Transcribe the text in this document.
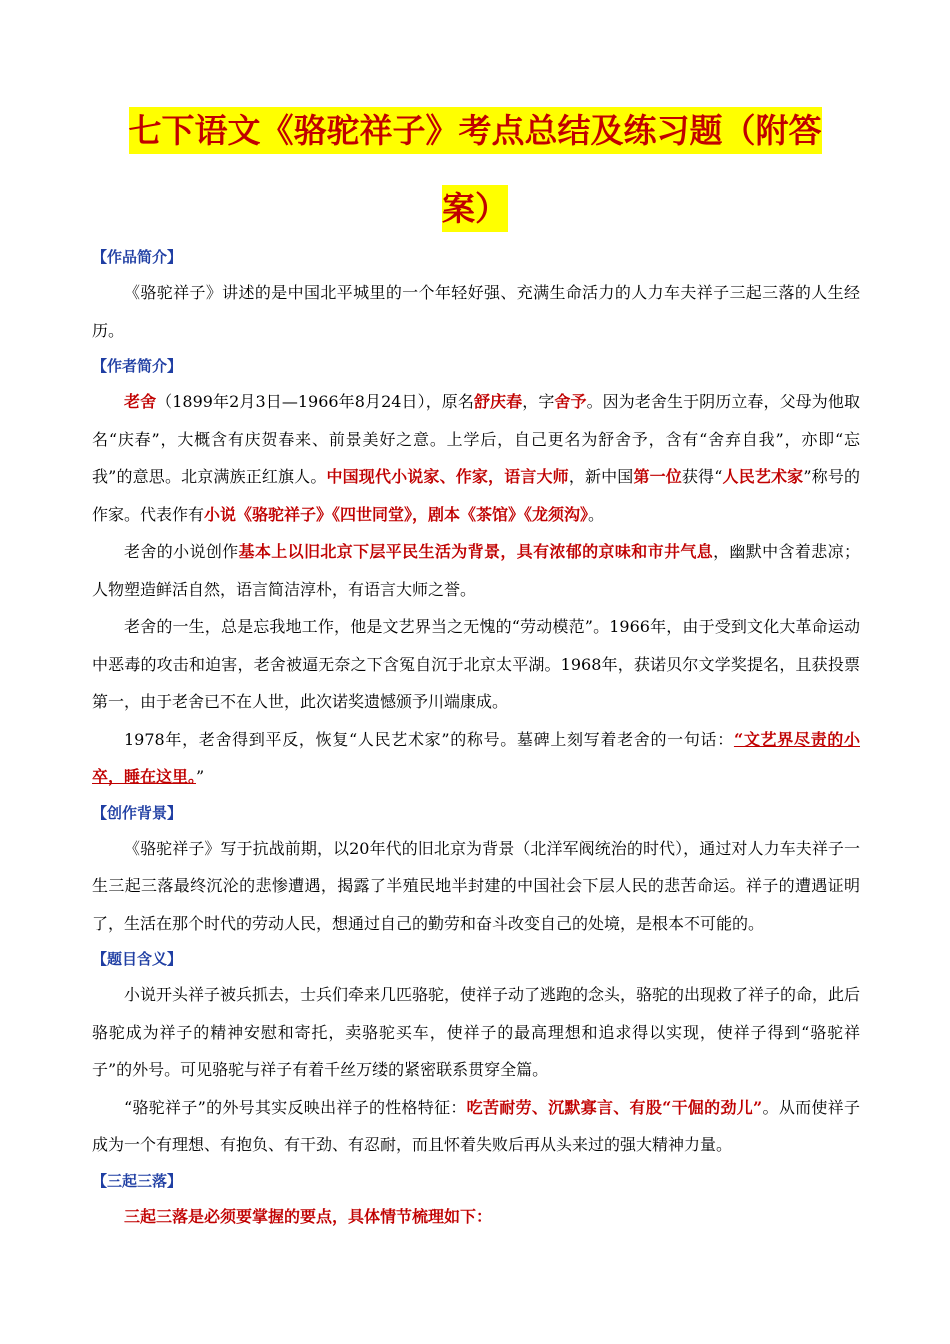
七下语文《骆驼祥子》考点总结及练习题（附答
案）
【作品简介】

《骆驼祥子》讲述的是中国北平城里的一个年轻好强、充满生命活力的人力车夫祥子三起三落的人生经历。

【作者简介】

老舍（1899年2月3日—1966年8月24日），原名舒庆春，字舍予。因为老舍生于阴历立春，父母为他取名“庆春”，大概含有庆贺春来、前景美好之意。上学后，自己更名为舒舍予，含有“舍弃自我”，亦即“忘我”的意思。北京满族正红旗人。中国现代小说家、作家，语言大师，新中国第一位获得“人民艺术家”称号的作家。代表作有小说《骆驼祥子》《四世同堂》，剧本《茶馆》《龙须沟》。

老舍的小说创作基本上以旧北京下层平民生活为背景，具有浓郁的京味和市井气息，幽默中含着悲凉；人物塑造鲜活自然，语言简洁淳朴，有语言大师之誉。

老舍的一生，总是忘我地工作，他是文艺界当之无愧的“劳动模范”。1966年，由于受到文化大革命运动中恶毒的攻击和迫害，老舍被逼无奈之下含冤自沉于北京太平湖。1968年，获诺贝尔文学奖提名，且获投票第一，由于老舍已不在人世，此次诺奖遗憾颁予川端康成。

1978年，老舍得到平反，恢复“人民艺术家”的称号。墓碑上刻写着老舍的一句话：“文艺界尽责的小卒，睡在这里。”

【创作背景】

《骆驼祥子》写于抗战前期，以20年代的旧北京为背景（北洋军阀统治的时代），通过对人力车夫祥子一生三起三落最终沉沦的悲惨遭遇，揭露了半殖民地半封建的中国社会下层人民的悲苦命运。祥子的遭遇证明了，生活在那个时代的劳动人民，想通过自己的勤劳和奋斗改变自己的处境，是根本不可能的。

【题目含义】

小说开头祥子被兵抓去，士兵们牵来几匹骆驼，使祥子动了逃跑的念头，骆驼的出现救了祥子的命，此后骆驼成为祥子的精神安慰和寄托，卖骆驼买车，使祥子的最高理想和追求得以实现，使祥子得到“骆驼祥子”的外号。可见骆驼与祥子有着千丝万缕的紧密联系贯穿全篇。

“骆驼祥子”的外号其实反映出祥子的性格特征：吃苦耐劳、沉默寡言、有股“干倔的劲儿”。从而使祥子成为一个有理想、有抱负、有干劲、有忍耐，而且怀着失败后再从头来过的强大精神力量。

【三起三落】

三起三落是必须要掌握的要点，具体情节梳理如下：
